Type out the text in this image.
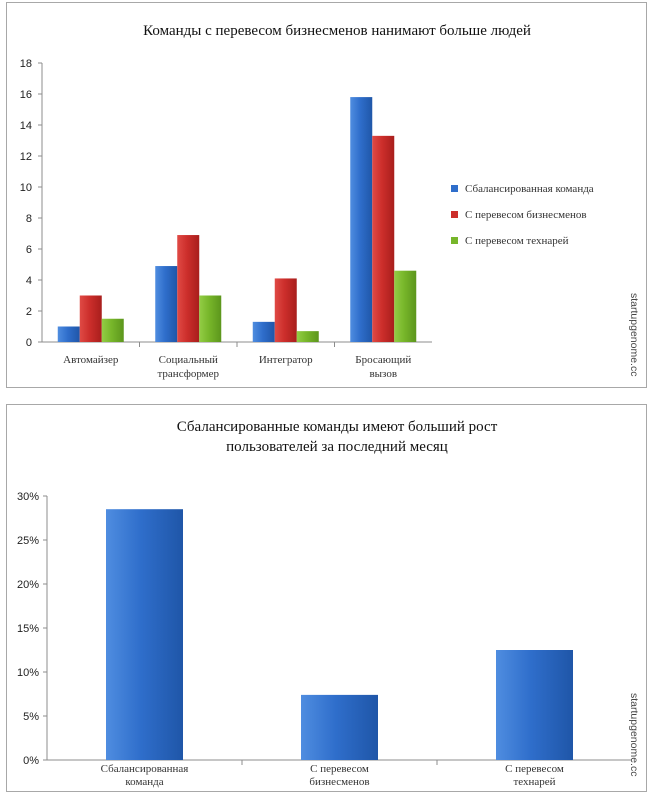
Команды с перевесом бизнесменов нанимают больше людей
0
2
4
6
8
10
12
14
16
18
Автомайзер	Социальный
трансформер
Интегратор	Бросающий
вызов
Сбалансированная команда
С перевесом бизнесменов
С перевесом технарей
startupgenome.cc
Сбалансированные команды имеют больший рост
пользователей за последний месяц
0%
5%
10%
15%
20%
25%
30%
Сбалансированная
команда
С перевесом
бизнесменов
С перевесом
технарей
startupgenome.cc
